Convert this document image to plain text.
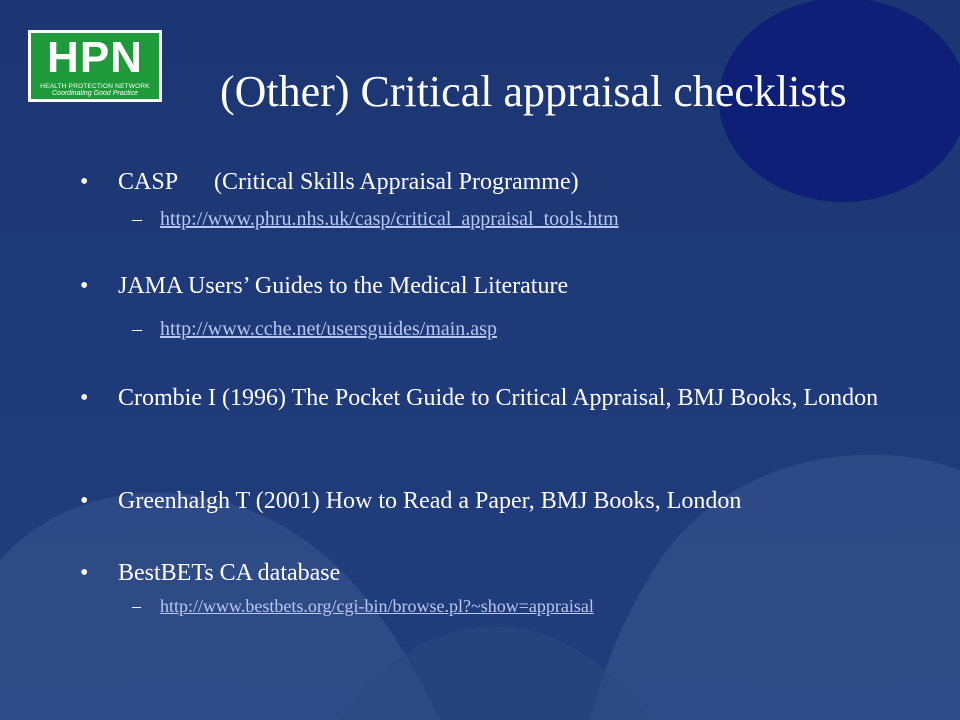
HPN
HEALTH PROTECTION NETWORK
Coordinating Good Practice	(Other) Critical appraisal checklists
•	CASP (Critical Skills Appraisal Programme)
– http://www.phru.nhs.uk/casp/critical_appraisal_tools.htm
•	JAMA Users’ Guides to the Medical Literature
– http://www.cche.net/usersguides/main.asp
•	Crombie I (1996) The Pocket Guide to Critical Appraisal, BMJ Books, London
•	Greenhalgh T (2001) How to Read a Paper, BMJ Books, London
•	BestBETs CA database
– http://www.bestbets.org/cgi-bin/browse.pl?~show=appraisal
